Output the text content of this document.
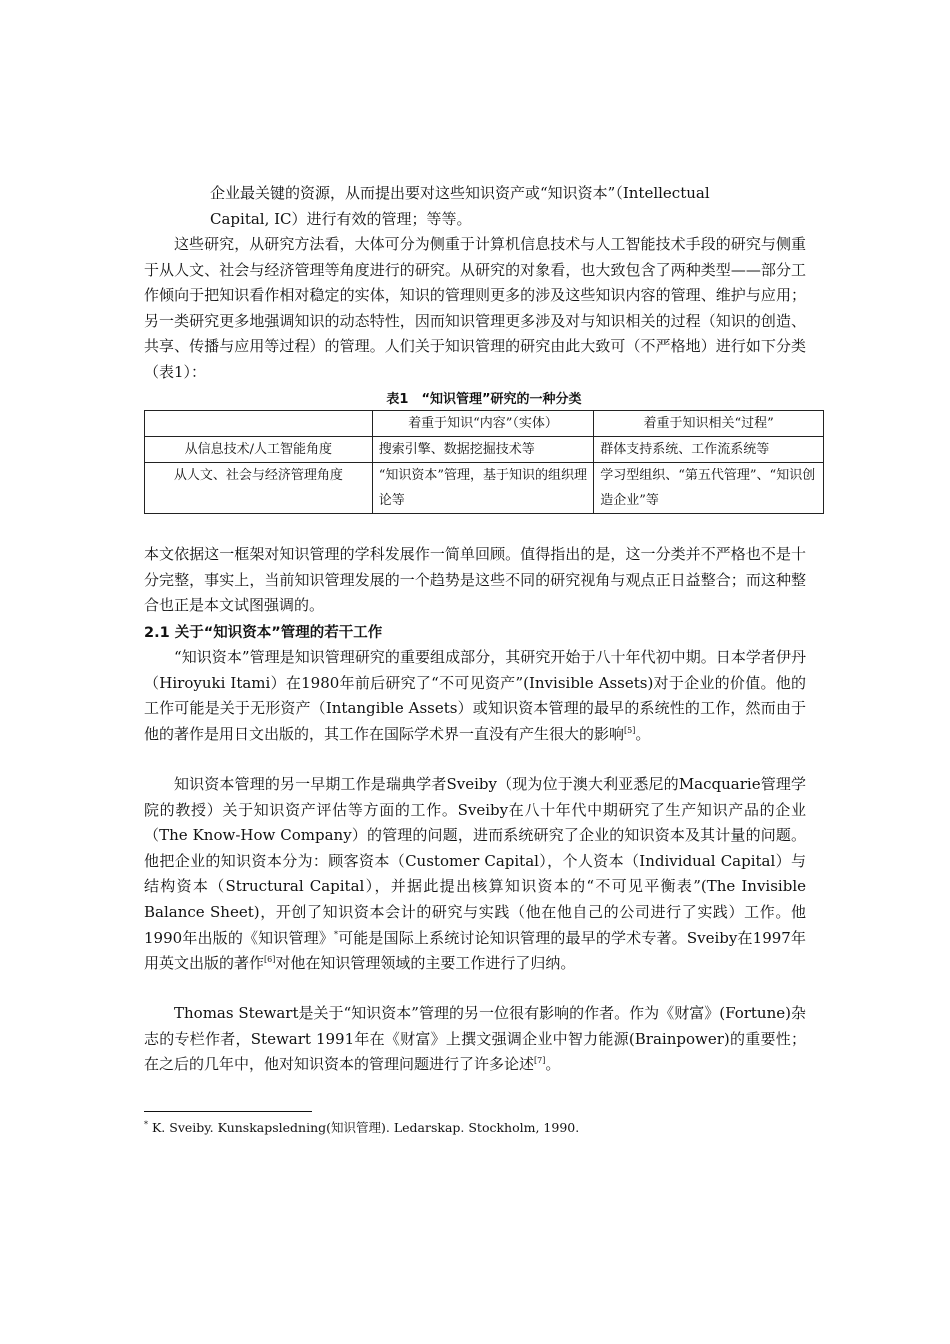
企业最关键的资源，从而提出要对这些知识资产或“知识资本”（Intellectual
Capital, IC）进行有效的管理；等等。
这些研究，从研究方法看，大体可分为侧重于计算机信息技术与人工智能技术手段的研究与侧重于从人文、社会与经济管理等角度进行的研究。从研究的对象看，也大致包含了两种类型——部分工作倾向于把知识看作相对稳定的实体，知识的管理则更多的涉及这些知识内容的管理、维护与应用；另一类研究更多地强调知识的动态特性，因而知识管理更多涉及对与知识相关的过程（知识的创造、共享、传播与应用等过程）的管理。人们关于知识管理的研究由此大致可（不严格地）进行如下分类（表1）：
表1　“知识管理”研究的一种分类
	着重于知识“内容”（实体）	着重于知识相关“过程”
从信息技术/人工智能角度	搜索引擎、数据挖掘技术等	群体支持系统、工作流系统等
从人文、社会与经济管理角度	“知识资本”管理，基于知识的组织理论等	学习型组织、“第五代管理”、“知识创造企业”等
本文依据这一框架对知识管理的学科发展作一简单回顾。值得指出的是，这一分类并不严格也不是十分完整，事实上，当前知识管理发展的一个趋势是这些不同的研究视角与观点正日益整合；而这种整合也正是本文试图强调的。
2.1 关于“知识资本”管理的若干工作
“知识资本”管理是知识管理研究的重要组成部分，其研究开始于八十年代初中期。日本学者伊丹（Hiroyuki Itami）在1980年前后研究了“不可见资产”(Invisible Assets)对于企业的价值。他的工作可能是关于无形资产（Intangible Assets）或知识资本管理的最早的系统性的工作，然而由于他的著作是用日文出版的，其工作在国际学术界一直没有产生很大的影响[5]。
知识资本管理的另一早期工作是瑞典学者Sveiby（现为位于澳大利亚悉尼的Macquarie管理学院的教授）关于知识资产评估等方面的工作。Sveiby在八十年代中期研究了生产知识产品的企业（The Know-How Company）的管理的问题，进而系统研究了企业的知识资本及其计量的问题。他把企业的知识资本分为：顾客资本（Customer Capital），个人资本（Individual Capital）与结构资本（Structural Capital），并据此提出核算知识资本的“不可见平衡表”(The Invisible Balance Sheet)，开创了知识资本会计的研究与实践（他在他自己的公司进行了实践）工作。他1990年出版的《知识管理》*可能是国际上系统讨论知识管理的最早的学术专著。Sveiby在1997年用英文出版的著作[6]对他在知识管理领域的主要工作进行了归纳。
Thomas Stewart是关于“知识资本”管理的另一位很有影响的作者。作为《财富》(Fortune)杂志的专栏作者，Stewart 1991年在《财富》上撰文强调企业中智力能源(Brainpower)的重要性；在之后的几年中，他对知识资本的管理问题进行了许多论述[7]。
* K. Sveiby. Kunskapsledning(知识管理). Ledarskap. Stockholm, 1990.
